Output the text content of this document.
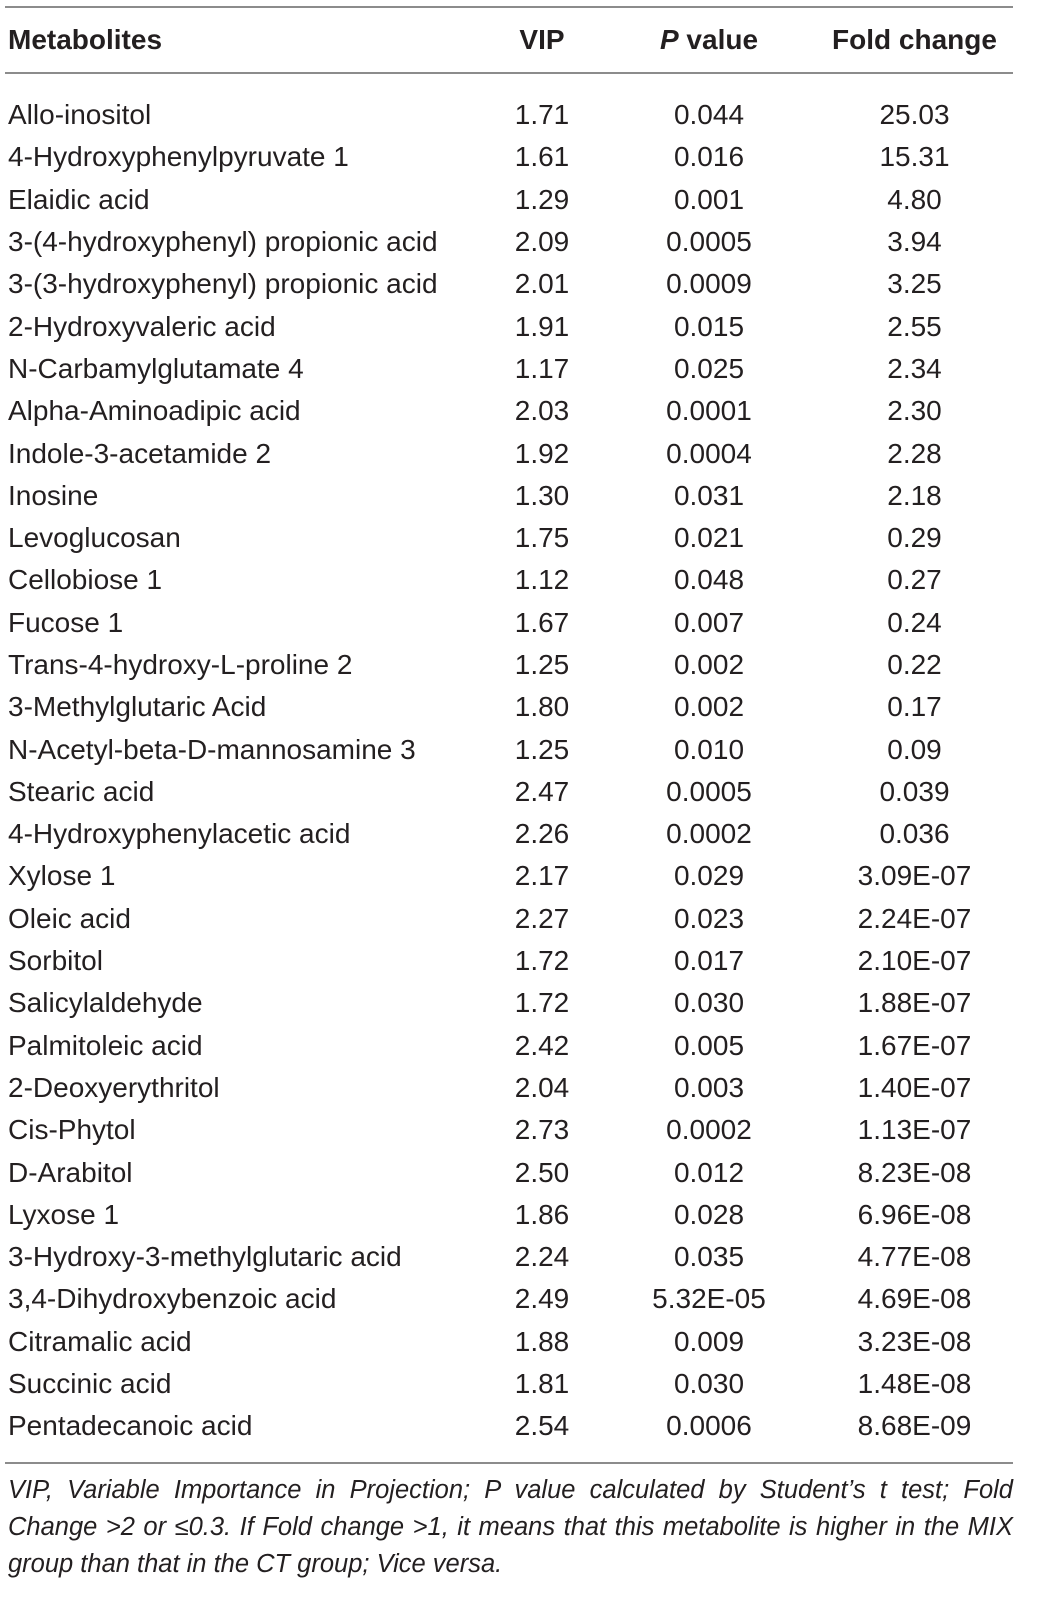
Metabolites	VIP	P value	Fold change
Allo-inositol	1.71	0.044	25.03
4-Hydroxyphenylpyruvate 1	1.61	0.016	15.31
Elaidic acid	1.29	0.001	4.80
3-(4-hydroxyphenyl) propionic acid	2.09	0.0005	3.94
3-(3-hydroxyphenyl) propionic acid	2.01	0.0009	3.25
2-Hydroxyvaleric acid	1.91	0.015	2.55
N-Carbamylglutamate 4	1.17	0.025	2.34
Alpha-Aminoadipic acid	2.03	0.0001	2.30
Indole-3-acetamide 2	1.92	0.0004	2.28
Inosine	1.30	0.031	2.18
Levoglucosan	1.75	0.021	0.29
Cellobiose 1	1.12	0.048	0.27
Fucose 1	1.67	0.007	0.24
Trans-4-hydroxy-L-proline 2	1.25	0.002	0.22
3-Methylglutaric Acid	1.80	0.002	0.17
N-Acetyl-beta-D-mannosamine 3	1.25	0.010	0.09
Stearic acid	2.47	0.0005	0.039
4-Hydroxyphenylacetic acid	2.26	0.0002	0.036
Xylose 1	2.17	0.029	3.09E-07
Oleic acid	2.27	0.023	2.24E-07
Sorbitol	1.72	0.017	2.10E-07
Salicylaldehyde	1.72	0.030	1.88E-07
Palmitoleic acid	2.42	0.005	1.67E-07
2-Deoxyerythritol	2.04	0.003	1.40E-07
Cis-Phytol	2.73	0.0002	1.13E-07
D-Arabitol	2.50	0.012	8.23E-08
Lyxose 1	1.86	0.028	6.96E-08
3-Hydroxy-3-methylglutaric acid	2.24	0.035	4.77E-08
3,4-Dihydroxybenzoic acid	2.49	5.32E-05	4.69E-08
Citramalic acid	1.88	0.009	3.23E-08
Succinic acid	1.81	0.030	1.48E-08
Pentadecanoic acid	2.54	0.0006	8.68E-09
VIP, Variable Importance in Projection; P value calculated by Student’s t test; Fold Change >2 or ≤0.3. If Fold change >1, it means that this metabolite is higher in the MIX group than that in the CT group; Vice versa.
